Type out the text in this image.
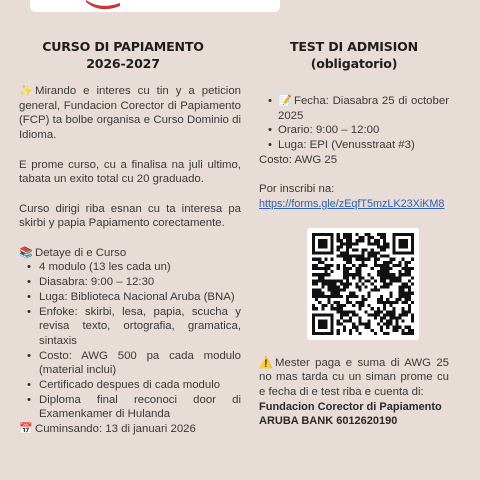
CURSO DI PAPIAMENTO
2026-2027

✨ Mirando e interes cu tin y a peticion general, Fundacion Corector di Papiamento (FCP) ta bolbe organisa e Curso Dominio di Idioma.

E prome curso, cu a finalisa na juli ultimo, tabata un exito total cu 20 graduado.

Curso dirigi riba esnan cu ta interesa pa skirbi y papia Papiamento corectamente.

📚 Detaye di e Curso

• 4 modulo (13 les cada un)
• Diasabra: 9:00 – 12:30
• Luga: Biblioteca Nacional Aruba (BNA)
• Enfoke: skirbi, lesa, papia, scucha y revisa texto, ortografia, gramatica, sintaxis
• Costo: AWG 500 pa cada modulo (material inclui)
• Certificado despues di cada modulo
• Diploma final reconoci door di Examenkamer di Hulanda

📅 Cuminsando: 13 di januari 2026

TEST DI ADMISION
(obligatorio)
• 📝 Fecha: Diasabra 25 di october 2025
• Orario: 9:00 – 12:00
• Luga: EPI (Venusstraat #3)

Costo: AWG 25

Por inscribi na:

https://forms.gle/zEqfT5mzLK23XiKM8

⚠️ Mester paga e suma di AWG 25 no mas tarda cu un siman prome cu e fecha di e test riba e cuenta di:

Fundacion Corector di Papiamento

ARUBA BANK 6012620190
